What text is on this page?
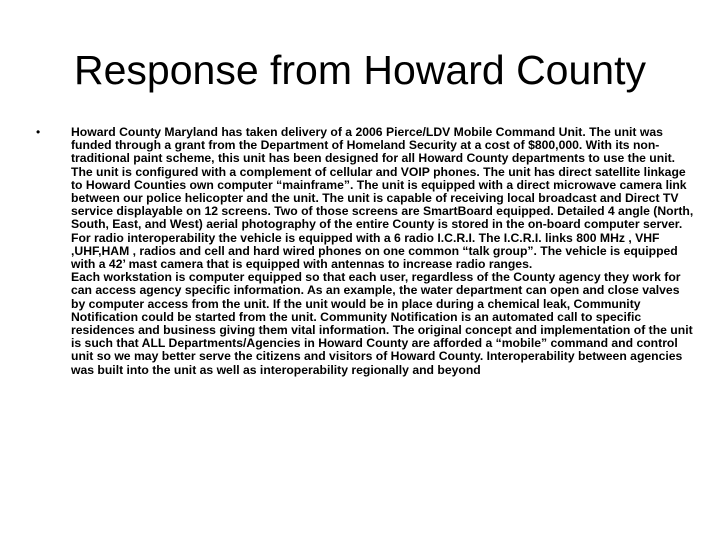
Response from Howard County
•	Howard County Maryland has taken delivery of a 2006 Pierce/LDV Mobile Command Unit. The unit was funded through a grant from the Department of Homeland Security at a cost of $800,000. With its non-traditional paint scheme, this unit has been designed for all Howard County departments to use the unit.
The unit is configured with a complement of cellular and VOIP phones. The unit has direct satellite linkage to Howard Counties own computer “mainframe”. The unit is equipped with a direct microwave camera link between our police helicopter and the unit. The unit is capable of receiving local broadcast and Direct TV service displayable on 12 screens. Two of those screens are SmartBoard equipped. Detailed 4 angle (North, South, East, and West) aerial photography of the entire County is stored in the on-board computer server. For radio interoperability the vehicle is equipped with a 6 radio I.C.R.I. The I.C.R.I. links 800 MHz , VHF ,UHF,HAM , radios and cell and hard wired phones on one common “talk group”. The vehicle is equipped with a 42’ mast camera that is equipped with antennas to increase radio ranges.
Each workstation is computer equipped so that each user, regardless of the County agency they work for can access agency specific information. As an example, the water department can open and close valves by computer access from the unit. If the unit would be in place during a chemical leak, Community Notification could be started from the unit. Community Notification is an automated call to specific residences and business giving them vital information. The original concept and implementation of the unit is such that ALL Departments/Agencies in Howard County are afforded a “mobile” command and control unit so we may better serve the citizens and visitors of Howard County. Interoperability between agencies was built into the unit as well as interoperability regionally and beyond
